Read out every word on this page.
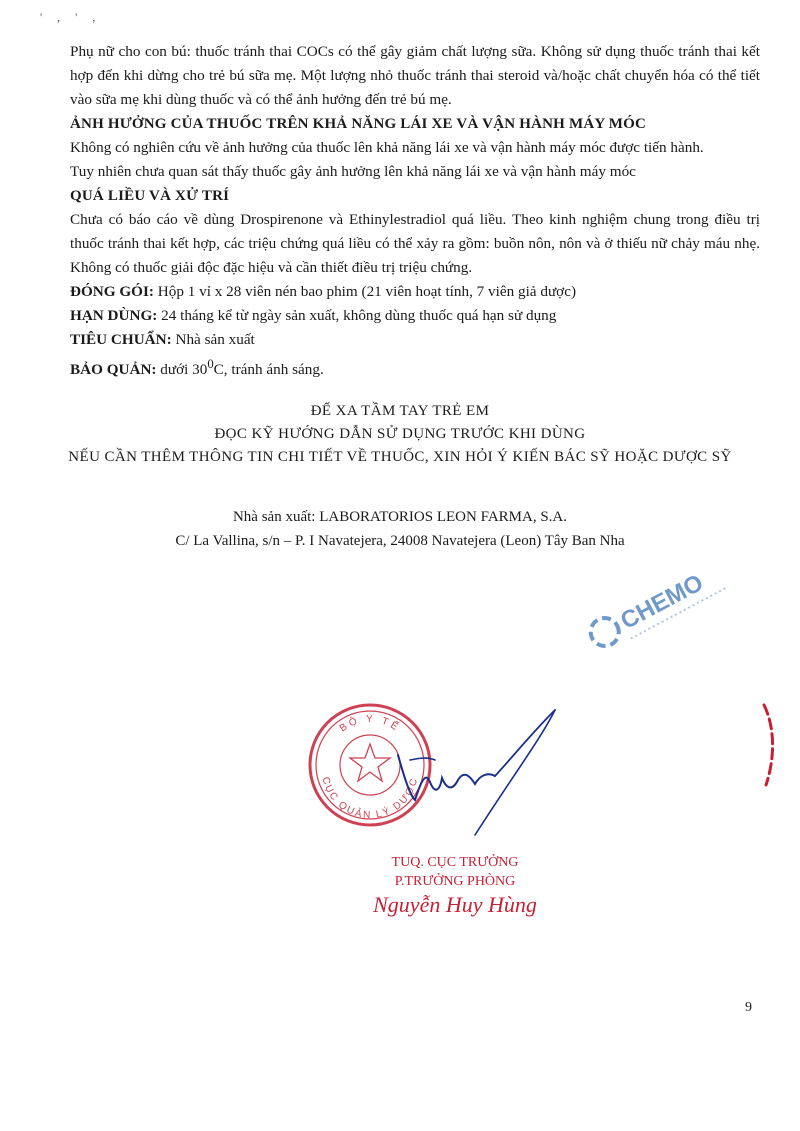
' , ' ,

Phụ nữ cho con bú: thuốc tránh thai COCs có thể gây giảm chất lượng sữa. Không sử dụng thuốc tránh thai kết hợp đến khi dừng cho trẻ bú sữa mẹ. Một lượng nhỏ thuốc tránh thai steroid và/hoặc chất chuyển hóa có thể tiết vào sữa mẹ khi dùng thuốc và có thể ảnh hưởng đến trẻ bú mẹ.

ẢNH HƯỞNG CỦA THUỐC TRÊN KHẢ NĂNG LÁI XE VÀ VẬN HÀNH MÁY MÓC

Không có nghiên cứu về ảnh hưởng của thuốc lên khả năng lái xe và vận hành máy móc được tiến hành.

Tuy nhiên chưa quan sát thấy thuốc gây ảnh hưởng lên khả năng lái xe và vận hành máy móc

QUÁ LIỀU VÀ XỬ TRÍ

Chưa có báo cáo về dùng Drospirenone và Ethinylestradiol quá liều. Theo kinh nghiệm chung trong điều trị thuốc tránh thai kết hợp, các triệu chứng quá liều có thể xảy ra gồm: buồn nôn, nôn và ở thiếu nữ chảy máu nhẹ. Không có thuốc giải độc đặc hiệu và cần thiết điều trị triệu chứng.

ĐÓNG GÓI: Hộp 1 vỉ x 28 viên nén bao phim (21 viên hoạt tính, 7 viên giả dược)

HẠN DÙNG: 24 tháng kể từ ngày sản xuất, không dùng thuốc quá hạn sử dụng

TIÊU CHUẨN: Nhà sản xuất

BẢO QUẢN: dưới $30^0C$, tránh ánh sáng.

ĐỂ XA TẦM TAY TRẺ EM
ĐỌC KỸ HƯỚNG DẪN SỬ DỤNG TRƯỚC KHI DÙNG
NẾU CẦN THÊM THÔNG TIN CHI TIẾT VỀ THUỐC, XIN HỎI Ý KIẾN BÁC SỸ HOẶC DƯỢC SỸ
Nhà sản xuất: LABORATORIOS LEON FARMA, S.A.
C/ La Vallina, s/n – P. I Navatejera, 24008 Navatejera (Leon) Tây Ban Nha
CHEMO
BỘ Y TẾ
CỤC QUẢN LÝ DƯỢC
TUQ. CỤC TRƯỞNG
P.TRƯỞNG PHÒNG
Nguyễn Huy Hùng
9
